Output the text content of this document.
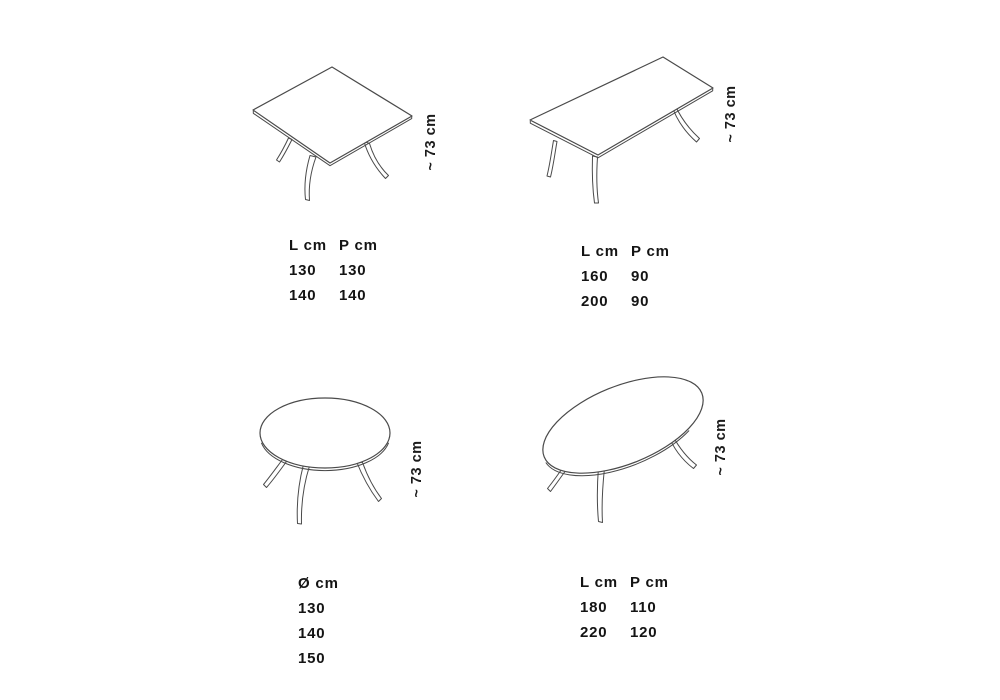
~ 73 cm
L cm P cm
130 130
140 140
~ 73 cm
L cm P cm
160 90
200 90
~ 73 cm
Ø cm
130
140
150
~ 73 cm
L cm P cm
180 110
220 120
